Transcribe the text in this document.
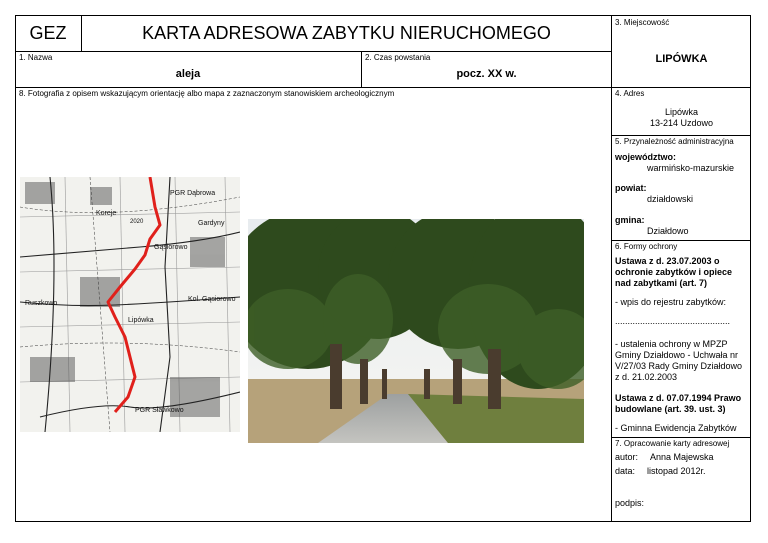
GEZ	KARTA ADRESOWA ZABYTKU NIERUCHOMEGO
1. Nazwa
aleja
2. Czas powstania
pocz. XX w.
3. Miejscowość
LIPÓWKA
4. Adres
Lipówka
13-214 Uzdowo
5. Przynależność administracyjna
województwo:
warmińsko-mazurskie
powiat:
działdowski
gmina:
Działdowo
6. Formy ochrony
Ustawa z d. 23.07.2003 o
ochronie zabytków i opiece
nad zabytkami (art. 7)
- wpis do rejestru zabytków:
..............................................
- ustalenia ochrony w MPZP
Gminy Działdowo - Uchwała nr
V/27/03 Rady Gminy Działdowo
z d. 21.02.2003
Ustawa z d. 07.07.1994 Prawo
budowlane (art. 39. ust. 3)
- Gminna Ewidencja Zabytków
7. Opracowanie karty adresowej
autor: Anna Majewska
data: listopad 2012r.
podpis:
8. Fotografia z opisem wskazującym orientację albo mapa z zaznaczonym stanowiskiem archeologicznym
PGR Dąbrowa
Koreje
Gardyny
Gąsiorowo
Ruszkowo
Kol. Gąsiorowo
Lipówka
PGR Sławkowo
2020
